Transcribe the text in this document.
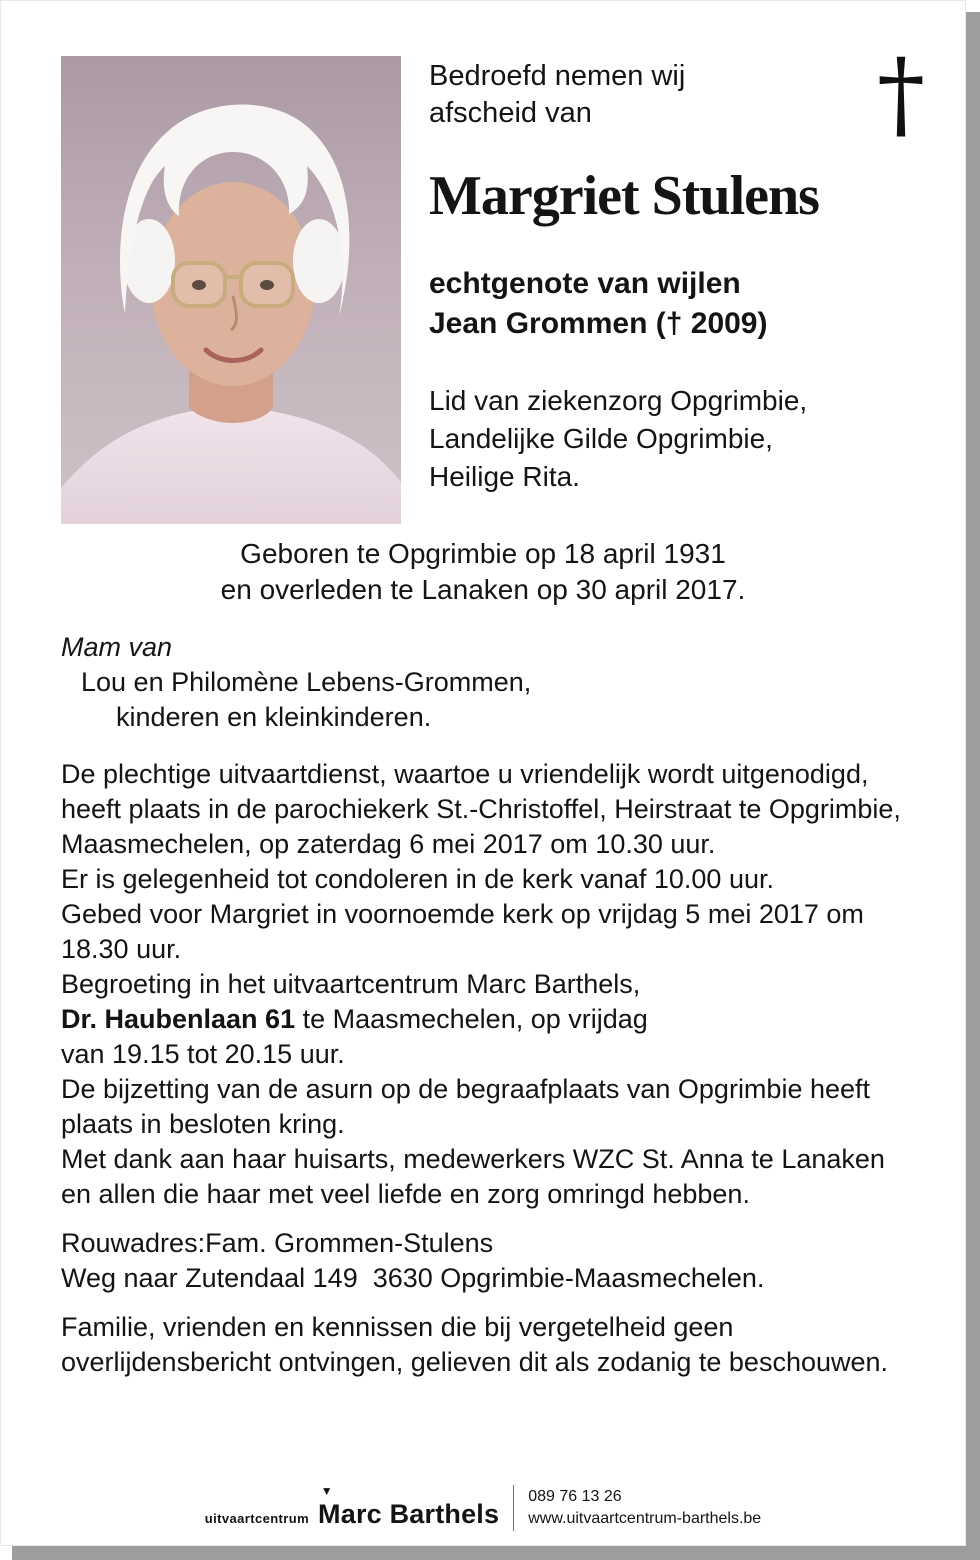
Bedroefd nemen wij
afscheid van	†
Margriet Stulens
echtgenote van wijlen
Jean Grommen († 2009)
Lid van ziekenzorg Opgrimbie,
Landelijke Gilde Opgrimbie,
Heilige Rita.
Geboren te Opgrimbie op 18 april 1931
en overleden te Lanaken op 30 april 2017.
Mam van
Lou en Philomène Lebens-Grommen,
kinderen en kleinkinderen.
De plechtige uitvaartdienst, waartoe u vriendelijk wordt uitgenodigd, heeft plaats in de parochiekerk St.-Christoffel, Heirstraat te Opgrimbie, Maasmechelen, op zaterdag 6 mei 2017 om 10.30 uur.
Er is gelegenheid tot condoleren in de kerk vanaf 10.00 uur.
Gebed voor Margriet in voornoemde kerk op vrijdag 5 mei 2017 om 18.30 uur.
Begroeting in het uitvaartcentrum Marc Barthels,
Dr. Haubenlaan 61 te Maasmechelen, op vrijdag
van 19.15 tot 20.15 uur.
De bijzetting van de asurn op de begraafplaats van Opgrimbie heeft plaats in besloten kring.
Met dank aan haar huisarts, medewerkers WZC St. Anna te Lanaken en allen die haar met veel liefde en zorg omringd hebben.
Rouwadres:Fam. Grommen-Stulens
Weg naar Zutendaal 149  3630 Opgrimbie-Maasmechelen.
Familie, vrienden en kennissen die bij vergetelheid geen overlijdensbericht ontvingen, gelieven dit als zodanig te beschouwen.
▼
uitvaartcentrum Marc Barthels
089 76 13 26
www.uitvaartcentrum-barthels.be
